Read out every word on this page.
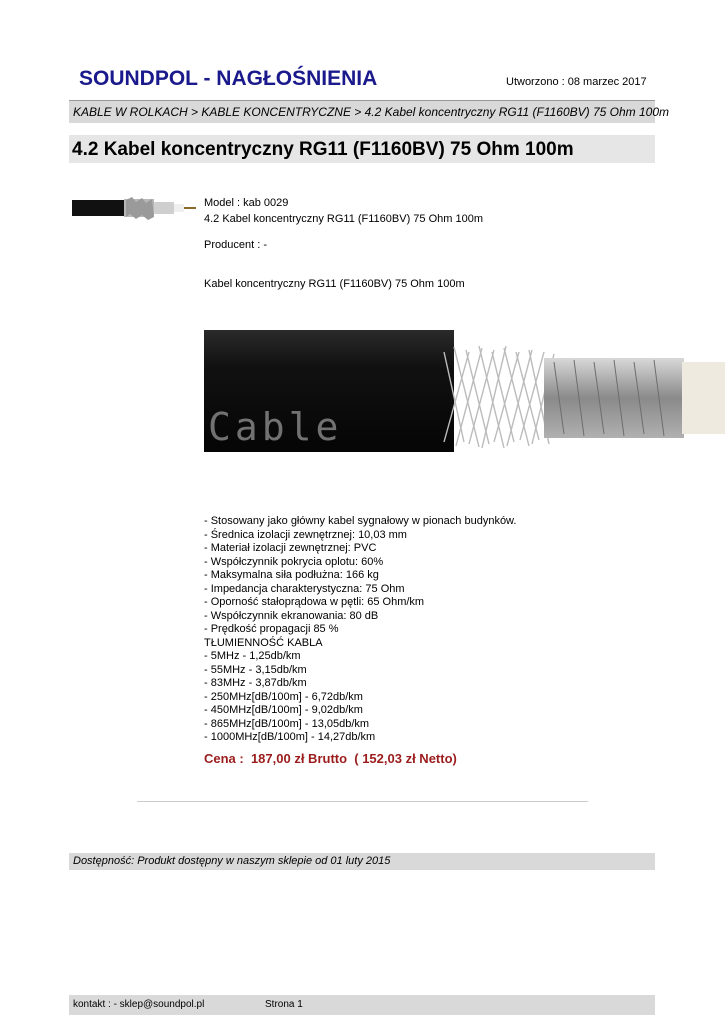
SOUNDPOL - NAGŁOŚNIENIA	Utworzono : 08 marzec 2017
KABLE W ROLKACH > KABLE KONCENTRYCZNE > 4.2 Kabel koncentryczny RG11 (F1160BV) 75 Ohm 100m
4.2 Kabel koncentryczny RG11 (F1160BV) 75 Ohm 100m
Model : kab 0029
4.2 Kabel koncentryczny RG11 (F1160BV) 75 Ohm 100m
Producent : -
Kabel koncentryczny RG11 (F1160BV) 75 Ohm 100m
Cable
- Stosowany jako główny kabel sygnałowy w pionach budynków.
- Średnica izolacji zewnętrznej: 10,03 mm
- Materiał izolacji zewnętrznej: PVC
- Współczynnik pokrycia oplotu: 60%
- Maksymalna siła podłużna: 166 kg
- Impedancja charakterystyczna: 75 Ohm
- Oporność stałoprądowa w pętli: 65 Ohm/km
- Współczynnik ekranowania: 80 dB
- Prędkość propagacji 85 %
TŁUMIENNOŚĆ KABLA
- 5MHz - 1,25db/km
- 55MHz - 3,15db/km
- 83MHz - 3,87db/km
- 250MHz[dB/100m] - 6,72db/km
- 450MHz[dB/100m] - 9,02db/km
- 865MHz[dB/100m] - 13,05db/km
- 1000MHz[dB/100m] - 14,27db/km
Cena :  187,00 zł Brutto  ( 152,03 zł Netto)
Dostępność: Produkt dostępny w naszym sklepie od 01 luty 2015
kontakt : - sklep@soundpol.pl	Strona 1
